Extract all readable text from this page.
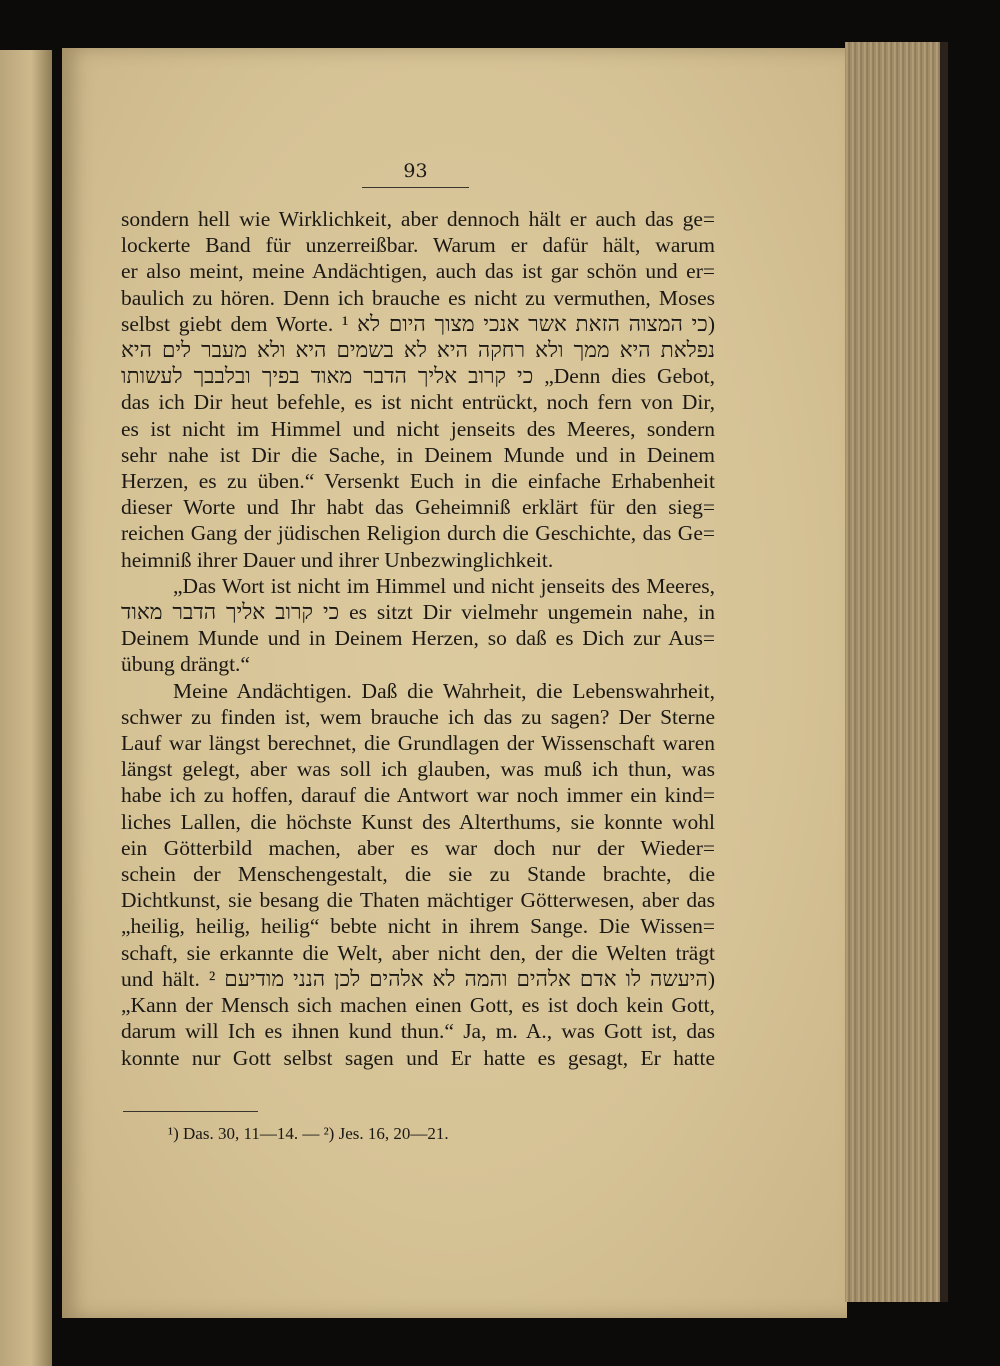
93
sondern hell wie Wirklichkeit, aber dennoch hält er auch das ge=
lockerte Band für unzerreißbar. Warum er dafür hält, warum
er also meint, meine Andächtigen, auch das ist gar schön und er=
baulich zu hören. Denn ich brauche es nicht zu vermuthen, Moses
selbst giebt dem Worte. כי המצוה הזאת אשר אנכי מצוך היום לא ¹)
נפלאת היא ממך ולא רחקה היא לא בשמים היא ולא מעבר לים היא
כי קרוב אליך הדבר מאוד בפיך ובלבבך לעשותו „Denn dies Gebot,
das ich Dir heut befehle, es ist nicht entrückt, noch fern von Dir,
es ist nicht im Himmel und nicht jenseits des Meeres, sondern
sehr nahe ist Dir die Sache, in Deinem Munde und in Deinem
Herzen, es zu üben.“ Versenkt Euch in die einfache Erhabenheit
dieser Worte und Ihr habt das Geheimniß erklärt für den sieg=
reichen Gang der jüdischen Religion durch die Geschichte, das Ge=
heimniß ihrer Dauer und ihrer Unbezwinglichkeit.
„Das Wort ist nicht im Himmel und nicht jenseits des Meeres,
כי קרוב אליך הדבר מאוד es sitzt Dir vielmehr ungemein nahe, in
Deinem Munde und in Deinem Herzen, so daß es Dich zur Aus=
übung drängt.“
Meine Andächtigen. Daß die Wahrheit, die Lebenswahrheit,
schwer zu finden ist, wem brauche ich das zu sagen? Der Sterne
Lauf war längst berechnet, die Grundlagen der Wissenschaft waren
längst gelegt, aber was soll ich glauben, was muß ich thun, was
habe ich zu hoffen, darauf die Antwort war noch immer ein kind=
liches Lallen, die höchste Kunst des Alterthums, sie konnte wohl
ein Götterbild machen, aber es war doch nur der Wieder=
schein der Menschengestalt, die sie zu Stande brachte, die
Dichtkunst, sie besang die Thaten mächtiger Götterwesen, aber das
„heilig, heilig, heilig“ bebte nicht in ihrem Sange. Die Wissen=
schaft, sie erkannte die Welt, aber nicht den, der die Welten trägt
und hält. היעשה לו אדם אלהים והמה לא אלהים לכן הנני מודיעם ²)
„Kann der Mensch sich machen einen Gott, es ist doch kein Gott,
darum will Ich es ihnen kund thun.“ Ja, m. A., was Gott ist, das
konnte nur Gott selbst sagen und Er hatte es gesagt, Er hatte
¹) Das. 30, 11—14. — ²) Jes. 16, 20—21.
